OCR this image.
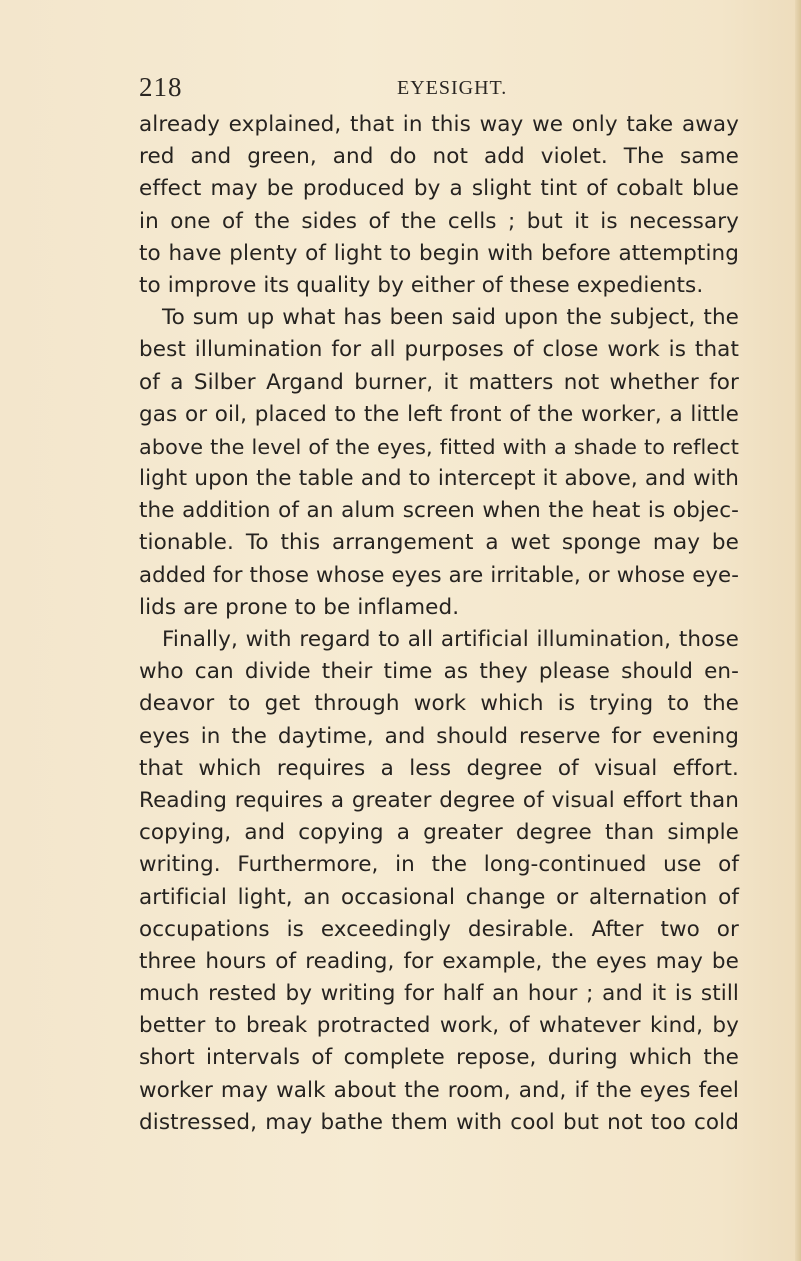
218	EYESIGHT.
already explained, that in this way we only take away
red and green, and do not add violet. The same
effect may be produced by a slight tint of cobalt blue
in one of the sides of the cells ; but it is necessary
to have plenty of light to begin with before attempting
to improve its quality by either of these expedients.
To sum up what has been said upon the subject, the
best illumination for all purposes of close work is that
of a Silber Argand burner, it matters not whether for
gas or oil, placed to the left front of the worker, a little
above the level of the eyes, fitted with a shade to reflect
light upon the table and to intercept it above, and with
the addition of an alum screen when the heat is objec-
tionable. To this arrangement a wet sponge may be
added for those whose eyes are irritable, or whose eye-
lids are prone to be inflamed.
Finally, with regard to all artificial illumination, those
who can divide their time as they please should en-
deavor to get through work which is trying to the
eyes in the daytime, and should reserve for evening
that which requires a less degree of visual effort.
Reading requires a greater degree of visual effort than
copying, and copying a greater degree than simple
writing. Furthermore, in the long-continued use of
artificial light, an occasional change or alternation of
occupations is exceedingly desirable. After two or
three hours of reading, for example, the eyes may be
much rested by writing for half an hour ; and it is still
better to break protracted work, of whatever kind, by
short intervals of complete repose, during which the
worker may walk about the room, and, if the eyes feel
distressed, may bathe them with cool but not too cold
